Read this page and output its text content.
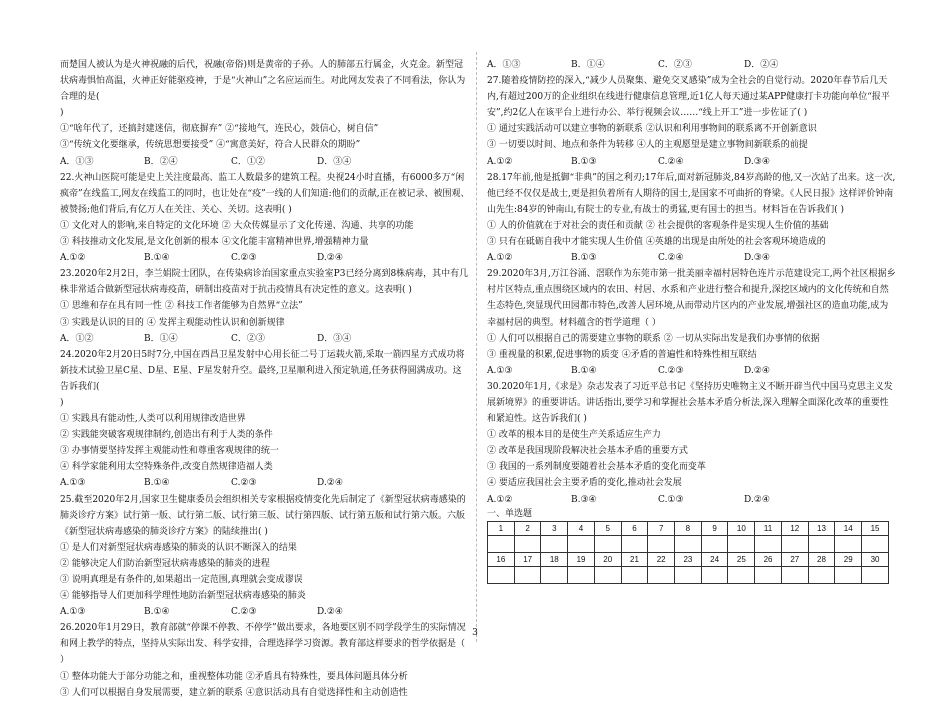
而楚国人被认为是火神祝融的后代，祝融(帝俗)则是黄帝的子孙。人的肺部五行属金，火克金。新型冠状病毒惧怕高温，火神正好能驱疫神，于是“火神山”之名应运而生。对此网友发表了不同看法，你认为合理的是(

)

①“啥年代了，还搞封建迷信，彻底摒弃” ②“接地气，连民心，鼓信心，树自信”

③“传统文化要继承，传统思想要接受” ④“寓意美好，符合人民群众的期盼”

A．①③	B．②④	C．①②	D．③④

22.火神山医院可能是史上关注度最高、监工人数最多的建筑工程。央视24小时直播，有6000多万“闲疯帝”在线监工,网友在线监工的同时，也让处在“疫”一线的人们知道:他们的贡献,正在被记录、被围观、被赞扬;他们背后,有亿万人在关注、关心、关切。这表明( )

① 文化对人的影响,来自特定的文化环境 ② 大众传媒显示了文化传递、沟通、共享的功能

③ 科技推动文化发展,是文化创新的根本 ④文化能丰富精神世界,增强精神力量

A.①②	B.①④	C.②③	D.②④

23.2020年2月2日，李兰娟院士团队，在传染病诊治国家重点实验室P3已经分离到8株病毒，其中有几株非常适合做新型冠状病毒疫苗，研制出疫苗对于抗击疫情具有决定性的意义。这表明( )

① 思维和存在具有同一性 ② 科技工作者能够为自然界“立法”

③ 实践是认识的目的 ④ 发挥主观能动性认识和创新规律

A．①②	B．①④	C．②③	D．③④

24.2020年2月20日5时7分,中国在西昌卫星发射中心用长征二号丁运载火箭,采取一箭四星方式成功将新技术试验卫星C星、D星、E星、F星发射升空。最终,卫星顺利进入预定轨道,任务获得圆满成功。这告诉我们(

)

① 实践具有能动性,人类可以利用规律改造世界

② 实践能突破客观规律制约,创造出有利于人类的条件

③ 办事情要坚持发挥主观能动性和尊重客观规律的统一

④ 科学家能利用太空特殊条件,改变自然规律造福人类

A.①③	B.①④	C.②③	D.②④

25.截至2020年2月,国家卫生健康委员会组织相关专家根据疫情变化先后制定了《新型冠状病毒感染的肺炎诊疗方案》试行第一版、试行第二版、试行第三版、试行第四版、试行第五版和试行第六版。六版《新型冠状病毒感染的肺炎诊疗方案》的陆续推出( )

① 是人们对新型冠状病毒感染的肺炎的认识不断深入的结果

② 能够决定人们防治新型冠状病毒感染的肺炎的进程

③ 说明真理是有条件的,如果超出一定范围,真理就会变成谬误

④ 能够指导人们更加科学理性地防治新型冠状病毒感染的肺炎

A.①③	B.①④	C.②③	D.②④

26.2020年1月29日，教育部就“停课不停教、不停学”做出要求，各地要区别不同学段学生的实际情况和网上教学的特点，坚持从实际出发、科学安排，合理选择学习资源。教育部这样要求的哲学依据是（ ）

① 整体功能大于部分功能之和，重视整体功能 ②矛盾具有特殊性，要具体问题具体分析

③ 人们可以根据自身发展需要，建立新的联系 ④意识活动具有自觉选择性和主动创造性

A．①③	B．①④	C．②③	D．②④

27.随着疫情防控的深入,“减少人员聚集、避免交叉感染”成为全社会的自觉行动。2020年春节后几天内,有超过200万的企业组织在线进行健康信息管理,近1亿人每天通过某APP健康打卡功能向单位“报平安”,约2亿人在该平台上进行办公、举行视频会议……“线上开工”进一步佐证了( )

① 通过实践活动可以建立事物的新联系 ②认识和利用事物间的联系离不开创新意识

③ 一切要以时间、地点和条件为转移 ④人的主观愿望是建立事物间新联系的前提

A.①②	B.①③	C.②④	D.③④

28.17年前,他是抵御“非典”的国之利刃;17年后,面对新冠肺炎,84岁高龄的他,又一次站了出来。这一次,他已经不仅仅是战士,更是担负着所有人期待的国士,是国家不可曲折的脊梁。《人民日报》这样评价钟南山先生:84岁的钟南山,有院士的专业,有战士的勇猛,更有国士的担当。材料旨在告诉我们( )

① 人的价值就在于对社会的责任和贡献 ② 社会提供的客观条件是实现人生价值的基础

③ 只有在砥砺自我中才能实现人生价值 ④英雄的出现是由所处的社会客观环境造成的

A.①②	B.①③	C.②④	D.③④

29.2020年3月,万江谷涌、滘联作为东莞市第一批美丽幸福村居特色连片示范建设完工,两个社区根据乡村片区特点,重点围绕区域内的农田、村居、水系和产业进行整合和提升,深挖区域内的文化传统和自然生态特色,突显现代田园都市特色,改善人居环境,从而带动片区内的产业发展,增强社区的造血功能,成为幸福村居的典型。材料蕴含的哲学道理（ ）

① 人们可以根据自己的需要建立事物的联系 ② 一切从实际出发是我们办事情的依据

③ 重视量的积累,促进事物的质变 ④矛盾的普遍性和特殊性相互联结

A.①③	B.①④	C.②③	D.②④

30.2020年1月,《求是》杂志发表了习近平总书记《坚持历史唯物主义不断开辟当代中国马克思主义发展新境界》的重要讲话。讲话指出,要学习和掌握社会基本矛盾分析法,深入理解全面深化改革的重要性和紧迫性。这告诉我们( )

① 改革的根本目的是使生产关系适应生产力

② 改革是我国现阶段解决社会基本矛盾的重要方式

③ 我国的一系列制度要随着社会基本矛盾的变化而变革

④ 要适应我国社会主要矛盾的变化,推动社会发展

A.①②	B.③④	C.①③	D.②④

一、单选题
1	2	3	4	5	6	7	8	9	10	11	12	13	14	15

16	17	18	19	20	21	22	23	24	25	26	27	28	29	30

3
